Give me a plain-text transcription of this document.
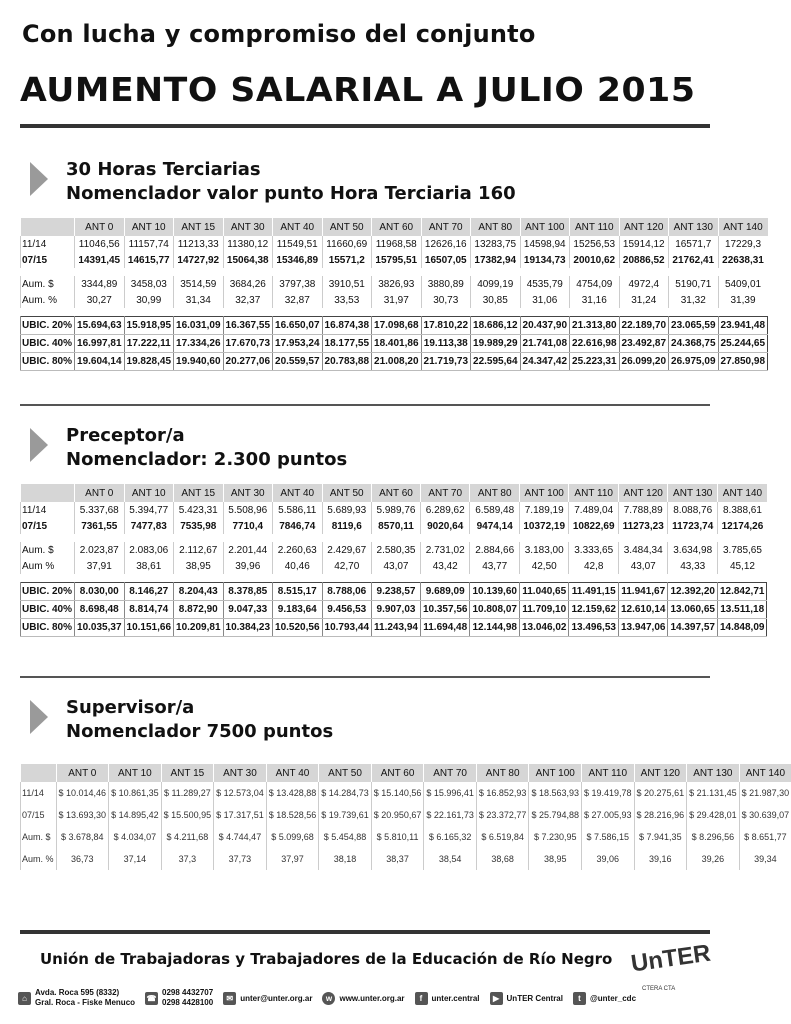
Con lucha y compromiso del conjunto
AUMENTO SALARIAL A JULIO 2015
30 Horas Terciarias
Nomenclador valor punto Hora Terciaria 160
	ANT 0	ANT 10	ANT 15	ANT 30	ANT 40	ANT 50	ANT 60	ANT 70	ANT 80	ANT 100	ANT 110	ANT 120	ANT 130	ANT 140
11/14	11046,56	11157,74	11213,33	11380,12	11549,51	11660,69	11968,58	12626,16	13283,75	14598,94	15256,53	15914,12	16571,7	17229,3
07/15	14391,45	14615,77	14727,92	15064,38	15346,89	15571,2	15795,51	16507,05	17382,94	19134,73	20010,62	20886,52	21762,41	22638,31

Aum. $	3344,89	3458,03	3514,59	3684,26	3797,38	3910,51	3826,93	3880,89	4099,19	4535,79	4754,09	4972,4	5190,71	5409,01
Aum. %	30,27	30,99	31,34	32,37	32,87	33,53	31,97	30,73	30,85	31,06	31,16	31,24	31,32	31,39

UBIC. 20%	15.694,63	15.918,95	16.031,09	16.367,55	16.650,07	16.874,38	17.098,68	17.810,22	18.686,12	20.437,90	21.313,80	22.189,70	23.065,59	23.941,48
UBIC. 40%	16.997,81	17.222,11	17.334,26	17.670,73	17.953,24	18.177,55	18.401,86	19.113,38	19.989,29	21.741,08	22.616,98	23.492,87	24.368,75	25.244,65
UBIC. 80%	19.604,14	19.828,45	19.940,60	20.277,06	20.559,57	20.783,88	21.008,20	21.719,73	22.595,64	24.347,42	25.223,31	26.099,20	26.975,09	27.850,98
Preceptor/a
Nomenclador: 2.300 puntos
	ANT 0	ANT 10	ANT 15	ANT 30	ANT 40	ANT 50	ANT 60	ANT 70	ANT 80	ANT 100	ANT 110	ANT 120	ANT 130	ANT 140
11/14	5.337,68	5.394,77	5.423,31	5.508,96	5.586,11	5.689,93	5.989,76	6.289,62	6.589,48	7.189,19	7.489,04	7.788,89	8.088,76	8.388,61
07/15	7361,55	7477,83	7535,98	7710,4	7846,74	8119,6	8570,11	9020,64	9474,14	10372,19	10822,69	11273,23	11723,74	12174,26

Aum. $	2.023,87	2.083,06	2.112,67	2.201,44	2.260,63	2.429,67	2.580,35	2.731,02	2.884,66	3.183,00	3.333,65	3.484,34	3.634,98	3.785,65
Aum %	37,91	38,61	38,95	39,96	40,46	42,70	43,07	43,42	43,77	42,50	42,8	43,07	43,33	45,12

UBIC. 20%	8.030,00	8.146,27	8.204,43	8.378,85	8.515,17	8.788,06	9.238,57	9.689,09	10.139,60	11.040,65	11.491,15	11.941,67	12.392,20	12.842,71
UBIC. 40%	8.698,48	8.814,74	8.872,90	9.047,33	9.183,64	9.456,53	9.907,03	10.357,56	10.808,07	11.709,10	12.159,62	12.610,14	13.060,65	13.511,18
UBIC. 80%	10.035,37	10.151,66	10.209,81	10.384,23	10.520,56	10.793,44	11.243,94	11.694,48	12.144,98	13.046,02	13.496,53	13.947,06	14.397,57	14.848,09
Supervisor/a
Nomenclador 7500 puntos
	ANT 0	ANT 10	ANT 15	ANT 30	ANT 40	ANT 50	ANT 60	ANT 70	ANT 80	ANT 100	ANT 110	ANT 120	ANT 130	ANT 140
11/14	$ 10.014,46	$ 10.861,35	$ 11.289,27	$ 12.573,04	$ 13.428,88	$ 14.284,73	$ 15.140,56	$ 15.996,41	$ 16.852,93	$ 18.563,93	$ 19.419,78	$ 20.275,61	$ 21.131,45	$ 21.987,30
07/15	$ 13.693,30	$ 14.895,42	$ 15.500,95	$ 17.317,51	$ 18.528,56	$ 19.739,61	$ 20.950,67	$ 22.161,73	$ 23.372,77	$ 25.794,88	$ 27.005,93	$ 28.216,96	$ 29.428,01	$ 30.639,07
Aum. $	$ 3.678,84	$ 4.034,07	$ 4.211,68	$ 4.744,47	$ 5.099,68	$ 5.454,88	$ 5.810,11	$ 6.165,32	$ 6.519,84	$ 7.230,95	$ 7.586,15	$ 7.941,35	$ 8.296,56	$ 8.651,77
Aum. %	36,73	37,14	37,3	37,73	37,97	38,18	38,37	38,54	38,68	38,95	39,06	39,16	39,26	39,34
Unión de Trabajadoras y Trabajadores de la Educación de Río Negro UnTER
CTERA CTA
⌂
Avda. Roca 595 (8332)
Gral. Roca - Fiske Menuco ☎
0298 4432707
0298 4428100	✉ unter@unter.org.ar	w www.unter.org.ar	f	unter.central	▶ UnTER Central	t	@unter_cdc
